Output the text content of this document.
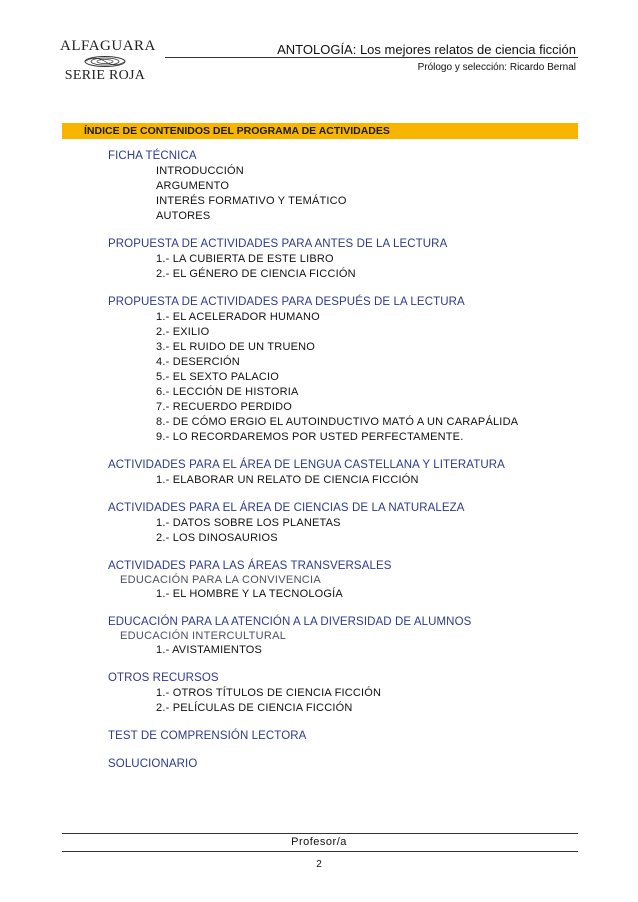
ALFAGUARA
SERIE ROJA
ANTOLOGÍA: Los mejores relatos de ciencia ficción
Prólogo y selección: Ricardo Bernal
ÍNDICE DE CONTENIDOS DEL PROGRAMA DE ACTIVIDADES
FICHA TÉCNICA
INTRODUCCIÓN
ARGUMENTO
INTERÉS FORMATIVO Y TEMÁTICO
AUTORES
PROPUESTA DE ACTIVIDADES PARA ANTES DE LA LECTURA
1.- LA CUBIERTA DE ESTE LIBRO
2.- EL GÉNERO DE CIENCIA FICCIÓN
PROPUESTA DE ACTIVIDADES PARA DESPUÉS DE LA LECTURA
1.- EL ACELERADOR HUMANO
2.- EXILIO
3.- EL RUIDO DE UN TRUENO
4.- DESERCIÓN
5.- EL SEXTO PALACIO
6.- LECCIÓN DE HISTORIA
7.- RECUERDO PERDIDO
8.- DE CÓMO ERGIO EL AUTOINDUCTIVO MATÓ A UN CARAPÁLIDA
9.- LO RECORDAREMOS POR USTED PERFECTAMENTE.
ACTIVIDADES PARA EL ÁREA DE LENGUA CASTELLANA Y LITERATURA
1.- ELABORAR UN RELATO DE CIENCIA FICCIÓN
ACTIVIDADES PARA EL ÁREA DE CIENCIAS DE LA NATURALEZA
1.- DATOS SOBRE LOS PLANETAS
2.- LOS DINOSAURIOS
ACTIVIDADES PARA LAS ÁREAS TRANSVERSALES
EDUCACIÓN PARA LA CONVIVENCIA
1.- EL HOMBRE Y LA TECNOLOGÍA
EDUCACIÓN PARA LA ATENCIÓN A LA DIVERSIDAD DE ALUMNOS
EDUCACIÓN INTERCULTURAL
1.- AVISTAMIENTOS
OTROS RECURSOS
1.- OTROS TÍTULOS DE CIENCIA FICCIÓN
2.- PELÍCULAS DE CIENCIA FICCIÓN
TEST DE COMPRENSIÓN LECTORA
SOLUCIONARIO
Profesor/a
2
